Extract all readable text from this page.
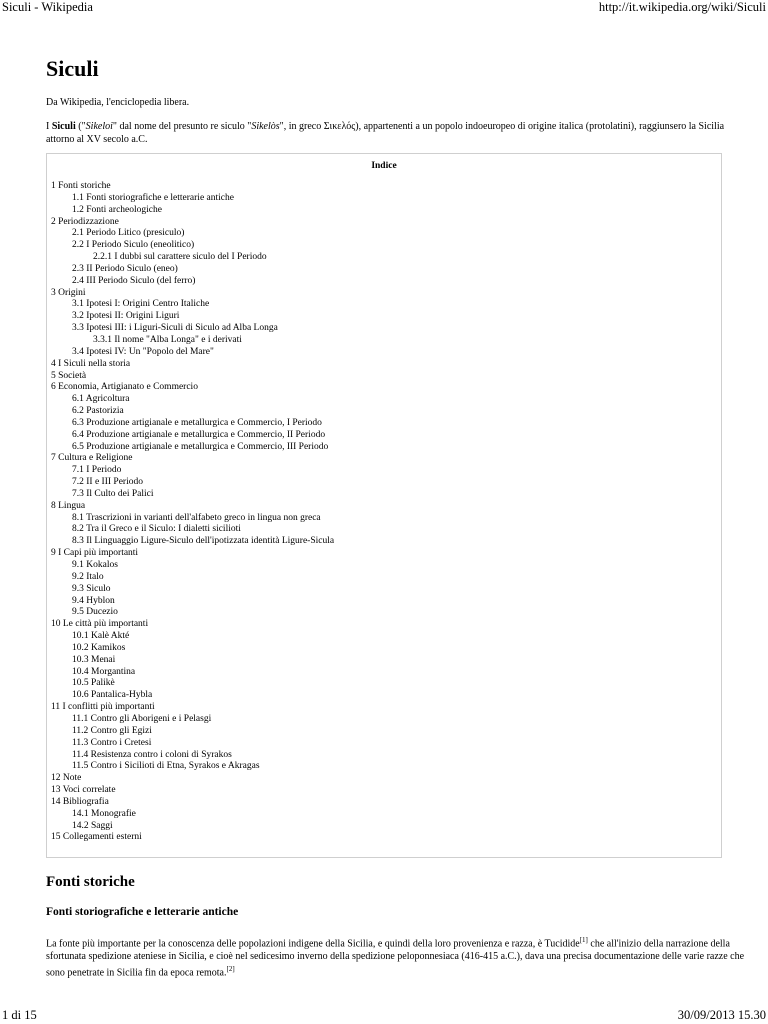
Siculi - Wikipedia	http://it.wikipedia.org/wiki/Siculi
Siculi
Da Wikipedia, l'enciclopedia libera.
I Siculi ("Sikeloi" dal nome del presunto re siculo "Sikelòs", in greco Σικελός), appartenenti a un popolo indoeuropeo di origine italica (protolatini), raggiunsero la Sicilia attorno al XV secolo a.C.
Indice
1 Fonti storiche
1.1 Fonti storiografiche e letterarie antiche
1.2 Fonti archeologiche
2 Periodizzazione
2.1 Periodo Litico (presiculo)
2.2 I Periodo Siculo (eneolitico)
2.2.1 I dubbi sul carattere siculo del I Periodo
2.3 II Periodo Siculo (eneo)
2.4 III Periodo Siculo (del ferro)
3 Origini
3.1 Ipotesi I: Origini Centro Italiche
3.2 Ipotesi II: Origini Liguri
3.3 Ipotesi III: i Liguri-Siculi di Siculo ad Alba Longa
3.3.1 Il nome "Alba Longa" e i derivati
3.4 Ipotesi IV: Un "Popolo del Mare"
4 I Siculi nella storia
5 Società
6 Economia, Artigianato e Commercio
6.1 Agricoltura
6.2 Pastorizia
6.3 Produzione artigianale e metallurgica e Commercio, I Periodo
6.4 Produzione artigianale e metallurgica e Commercio, II Periodo
6.5 Produzione artigianale e metallurgica e Commercio, III Periodo
7 Cultura e Religione
7.1 I Periodo
7.2 II e III Periodo
7.3 Il Culto dei Palici
8 Lingua
8.1 Trascrizioni in varianti dell'alfabeto greco in lingua non greca
8.2 Tra il Greco e il Siculo: I dialetti sicilioti
8.3 Il Linguaggio Ligure-Siculo dell'ipotizzata identità Ligure-Sicula
9 I Capi più importanti
9.1 Kokalos
9.2 Italo
9.3 Siculo
9.4 Hyblon
9.5 Ducezio
10 Le città più importanti
10.1 Kalè Akté
10.2 Kamikos
10.3 Menai
10.4 Morgantina
10.5 Palikè
10.6 Pantalica-Hybla
11 I conflitti più importanti
11.1 Contro gli Aborigeni e i Pelasgi
11.2 Contro gli Egizi
11.3 Contro i Cretesi
11.4 Resistenza contro i coloni di Syrakos
11.5 Contro i Sicilioti di Etna, Syrakos e Akragas
12 Note
13 Voci correlate
14 Bibliografia
14.1 Monografie
14.2 Saggi
15 Collegamenti esterni
Fonti storiche
Fonti storiografiche e letterarie antiche
La fonte più importante per la conoscenza delle popolazioni indigene della Sicilia, e quindi della loro provenienza e razza, è Tucidide[1] che all'inizio della narrazione della sfortunata spedizione ateniese in Sicilia, e cioè nel sedicesimo inverno della spedizione peloponnesiaca (416-415 a.C.), dava una precisa documentazione delle varie razze che sono penetrate in Sicilia fin da epoca remota.[2]
1 di 15	30/09/2013 15.30
